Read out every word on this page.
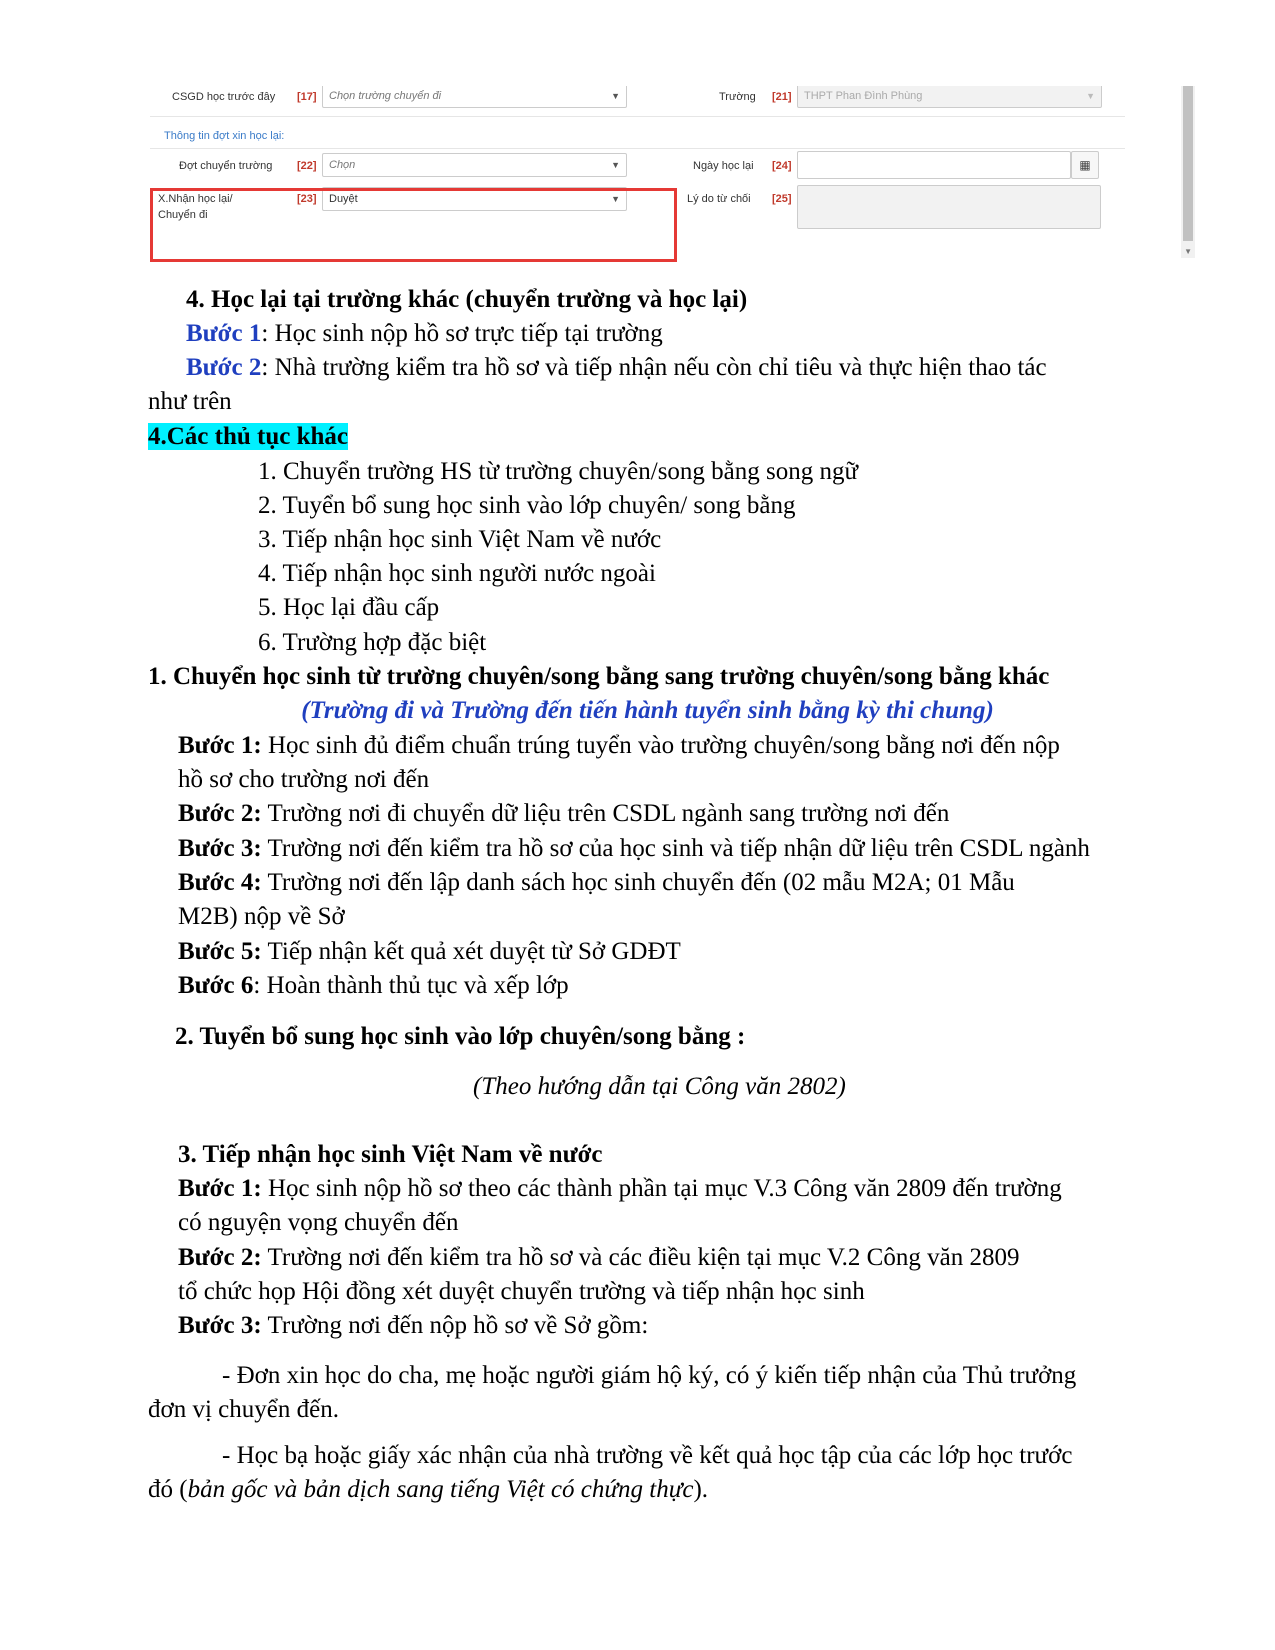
CSGD học trước đây [17]	Chọn trường chuyển đi	▼	Trường [21]	THPT Phan Đình Phùng	▼
Thông tin đợt xin học lại:
Đợt chuyển trường [22]	Chọn	▼	Ngày học lại [24]	▦
X.Nhận học lại/
Chuyển đi
[23]	Duyệt	▼	Lý do từ chối [25]
▼
4. Học lại tại trường khác (chuyển trường và học lại)
Bước 1: Học sinh nộp hồ sơ trực tiếp tại trường
Bước 2: Nhà trường kiểm tra hồ sơ và tiếp nhận nếu còn chỉ tiêu và thực hiện thao tác
như trên
4.Các thủ tục khác
1. Chuyển trường HS từ trường chuyên/song bằng song ngữ
2. Tuyển bổ sung học sinh vào lớp chuyên/ song bằng
3. Tiếp nhận học sinh Việt Nam về nước
4. Tiếp nhận học sinh người nước ngoài
5. Học lại đầu cấp
6. Trường hợp đặc biệt
1. Chuyển học sinh từ trường chuyên/song bằng sang trường chuyên/song bằng khác
(Trường đi và Trường đến tiến hành tuyển sinh bằng kỳ thi chung)
Bước 1: Học sinh đủ điểm chuẩn trúng tuyển vào trường chuyên/song bằng nơi đến nộp
hồ sơ cho trường nơi đến
Bước 2: Trường nơi đi chuyển dữ liệu trên CSDL ngành sang trường nơi đến
Bước 3: Trường nơi đến kiểm tra hồ sơ của học sinh và tiếp nhận dữ liệu trên CSDL ngành
Bước 4: Trường nơi đến lập danh sách học sinh chuyển đến (02 mẫu M2A; 01 Mẫu
M2B) nộp về Sở
Bước 5: Tiếp nhận kết quả xét duyệt từ Sở GDĐT
Bước 6: Hoàn thành thủ tục và xếp lớp
2. Tuyển bổ sung học sinh vào lớp chuyên/song bằng :
(Theo hướng dẫn tại Công văn 2802)
3. Tiếp nhận học sinh Việt Nam về nước
Bước 1: Học sinh nộp hồ sơ theo các thành phần tại mục V.3 Công văn 2809 đến trường
có nguyện vọng chuyển đến
Bước 2: Trường nơi đến kiểm tra hồ sơ và các điều kiện tại mục V.2 Công văn 2809
tổ chức họp Hội đồng xét duyệt chuyển trường và tiếp nhận học sinh
Bước 3: Trường nơi đến nộp hồ sơ về Sở gồm:
- Đơn xin học do cha, mẹ hoặc người giám hộ ký, có ý kiến tiếp nhận của Thủ trưởng
đơn vị chuyển đến.
- Học bạ hoặc giấy xác nhận của nhà trường về kết quả học tập của các lớp học trước
đó (bản gốc và bản dịch sang tiếng Việt có chứng thực).
